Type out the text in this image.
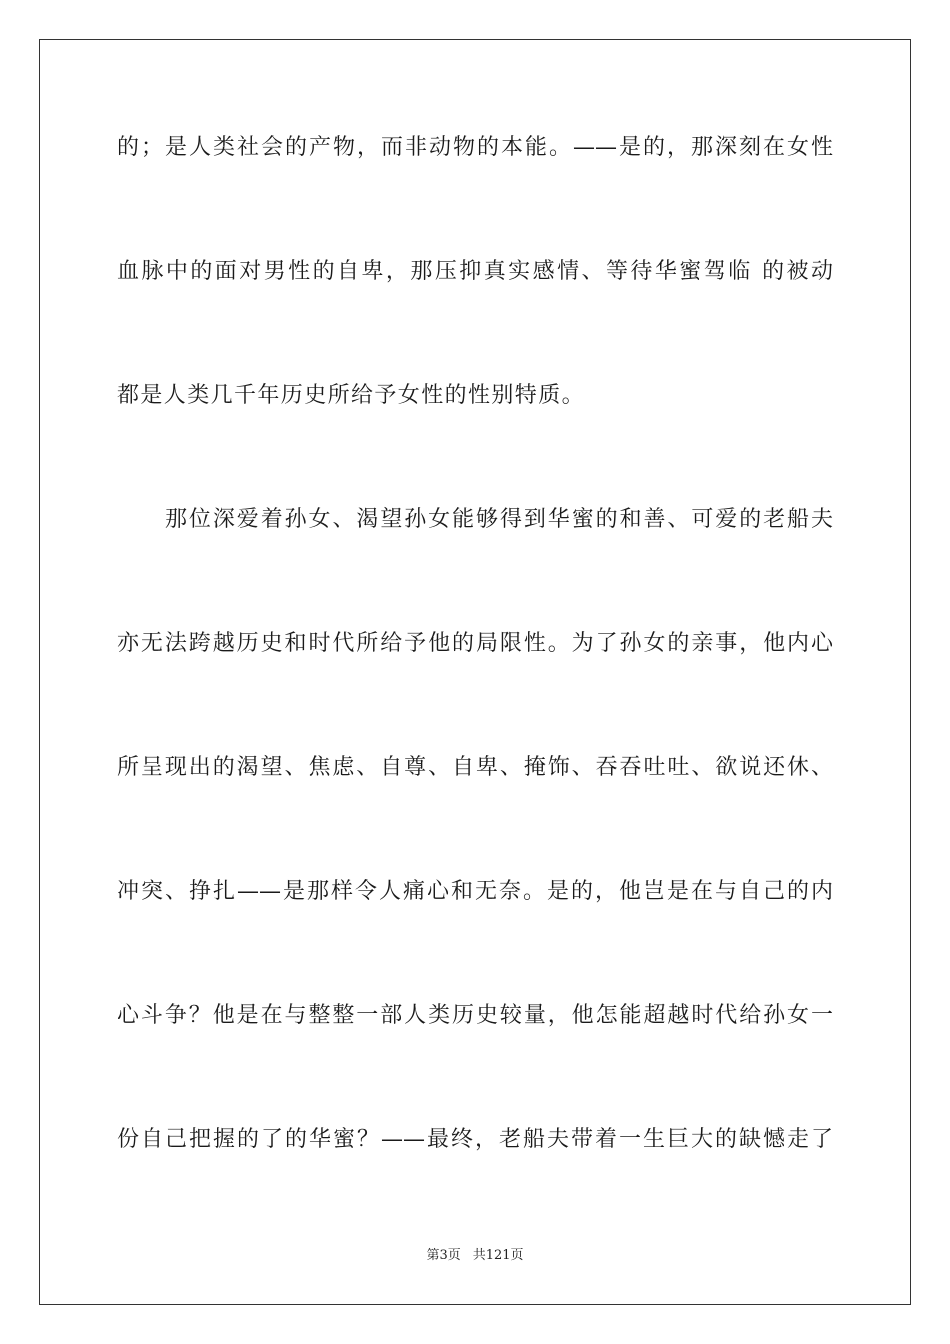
的；是人类社会的产物，而非动物的本能。——是的，那深刻在女性
血脉中的面对男性的自卑，那压抑真实感情、等待华蜜驾临 的被动
都是人类几千年历史所给予女性的性别特质。
那位深爱着孙女、渴望孙女能够得到华蜜的和善、可爱的老船夫
亦无法跨越历史和时代所给予他的局限性。为了孙女的亲事，他内心
所呈现出的渴望、焦虑、自尊、自卑、掩饰、吞吞吐吐、欲说还休、
冲突、挣扎——是那样令人痛心和无奈。是的，他岂是在与自己的内
心斗争？他是在与整整一部人类历史较量，他怎能超越时代给孙女一
份自己把握的了的华蜜？——最终，老船夫带着一生巨大的缺憾走了
第3页 共121页
